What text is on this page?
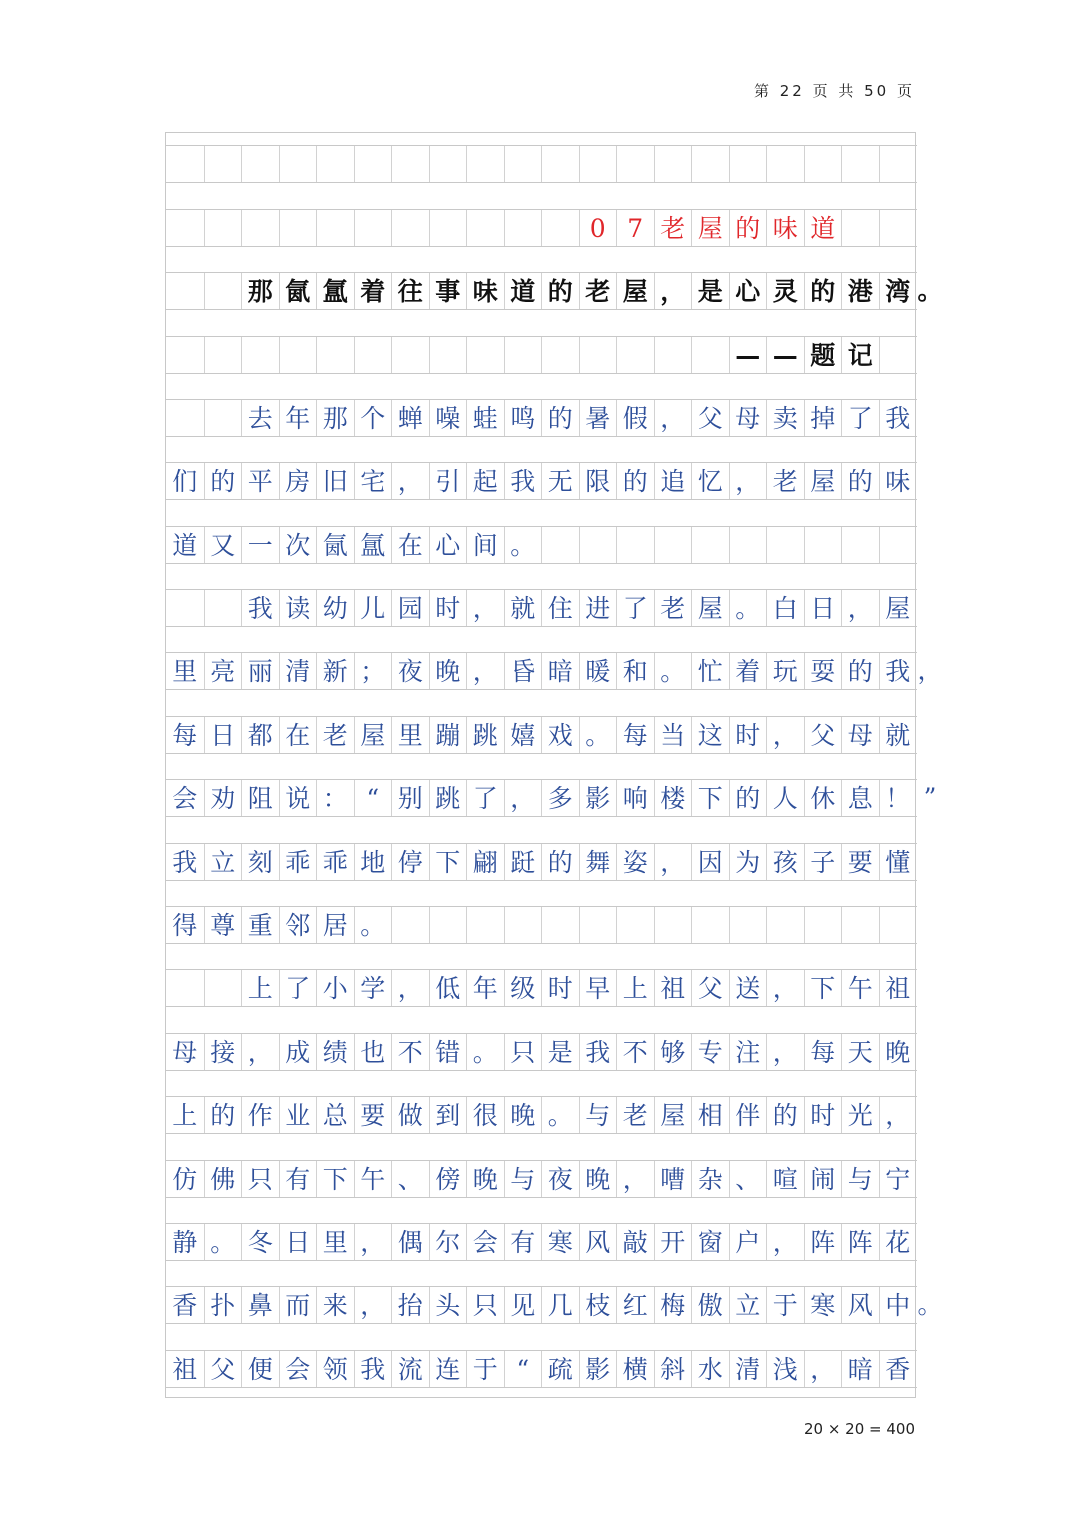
第 22 页 共 50 页
0 7 老 屋 的 味 道
那 氤 氲 着 往 事 味 道 的 老 屋 ， 是 心 灵 的 港 湾
— — 题 记
去 年 那 个 蝉 噪 蛙 鸣 的 暑 假 ， 父 母 卖 掉 了 我
们 的 平 房 旧 宅 ， 引 起 我 无 限 的 追 忆 ， 老 屋 的 味
道 又 一 次 氤 氲 在 心 间 。
我 读 幼 儿 园 时 ， 就 住 进 了 老 屋 。 白 日 ， 屋
里 亮 丽 清 新 ； 夜 晚 ， 昏 暗 暖 和 。 忙 着 玩 耍 的 我
每 日 都 在 老 屋 里 蹦 跳 嬉 戏 。 每 当 这 时 ， 父 母 就
会 劝 阻 说 ： “ 别 跳 了 ， 多 影 响 楼 下 的 人 休 息 ！
我 立 刻 乖 乖 地 停 下 翩 跹 的 舞 姿 ， 因 为 孩 子 要 懂
得 尊 重 邻 居 。
上 了 小 学 ， 低 年 级 时 早 上 祖 父 送 ， 下 午 祖
母 接 ， 成 绩 也 不 错 。 只 是 我 不 够 专 注 ， 每 天 晚
上 的 作 业 总 要 做 到 很 晚 。 与 老 屋 相 伴 的 时 光 ，
仿 佛 只 有 下 午 、 傍 晚 与 夜 晚 ， 嘈 杂 、 喧 闹 与 宁
静 。 冬 日 里 ， 偶 尔 会 有 寒 风 敲 开 窗 户 ， 阵 阵 花
香 扑 鼻 而 来 ， 抬 头 只 见 几 枝 红 梅 傲 立 于 寒 风 中
祖 父 便 会 领 我 流 连 于 “ 疏 影 横 斜 水 清 浅 ， 暗 香
20 × 20 = 400
。
，
”
。
